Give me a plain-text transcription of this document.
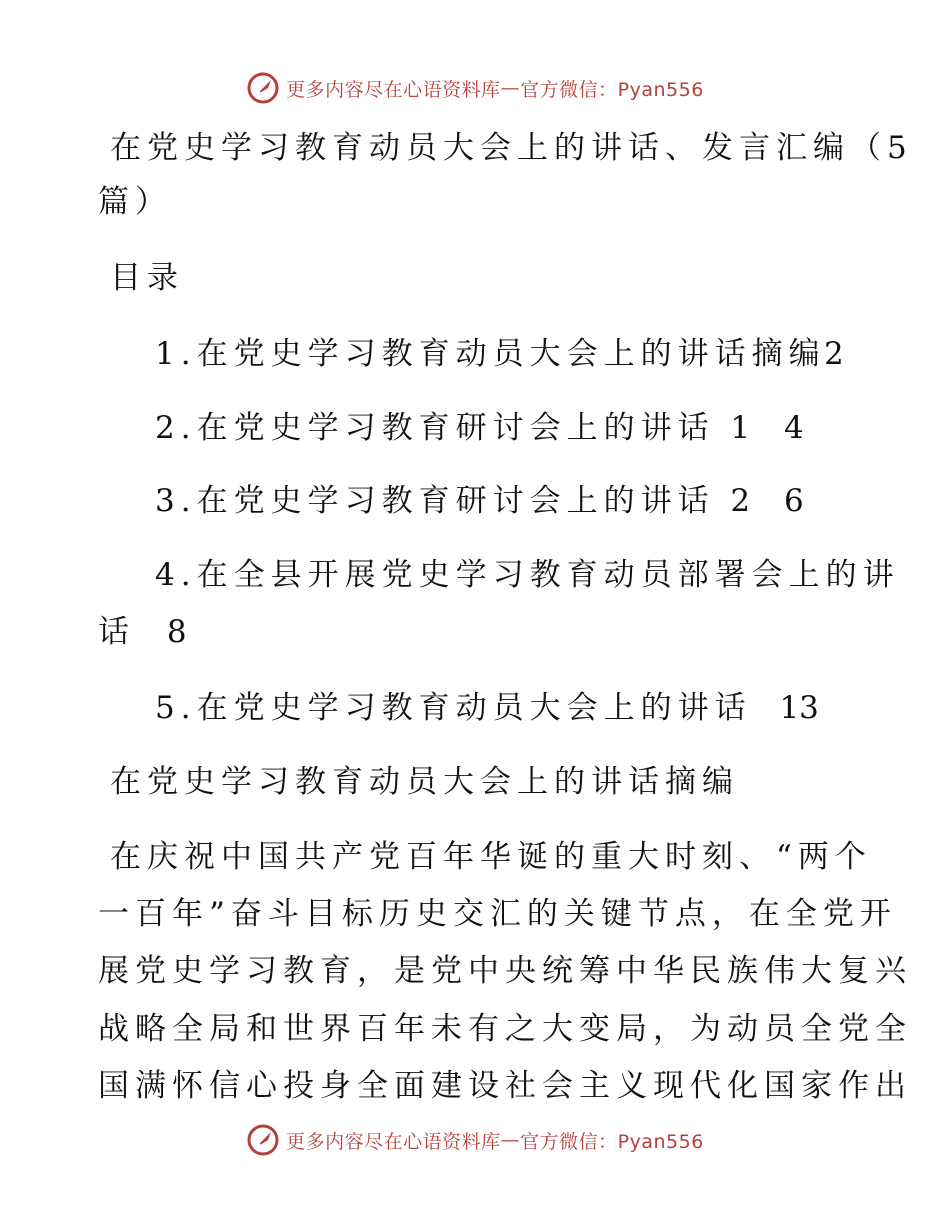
更多内容尽在心语资料库 — 官方微信：Pyan556
在党史学习教育动员大会上的讲话、发言汇编（5
篇）
目录
1.在党史学习教育动员大会上的讲话摘编
2
2.在党史学习教育研讨会上的讲话 1 4
3.在党史学习教育研讨会上的讲话 2 6
4.在全县开展党史学习教育动员部署会上的讲
话 8
5.在党史学习教育动员大会上的讲话 13
在党史学习教育动员大会上的讲话摘编
在庆祝中国共产党百年华诞的重大时刻、“两个
一百年”奋斗目标历史交汇的关键节点，在全党开
展党史学习教育，是党中央统筹中华民族伟大复兴
战略全局和世界百年未有之大变局，为动员全党全
国满怀信心投身全面建设社会主义现代化国家作出
更多内容尽在心语资料库 — 官方微信：Pyan556
